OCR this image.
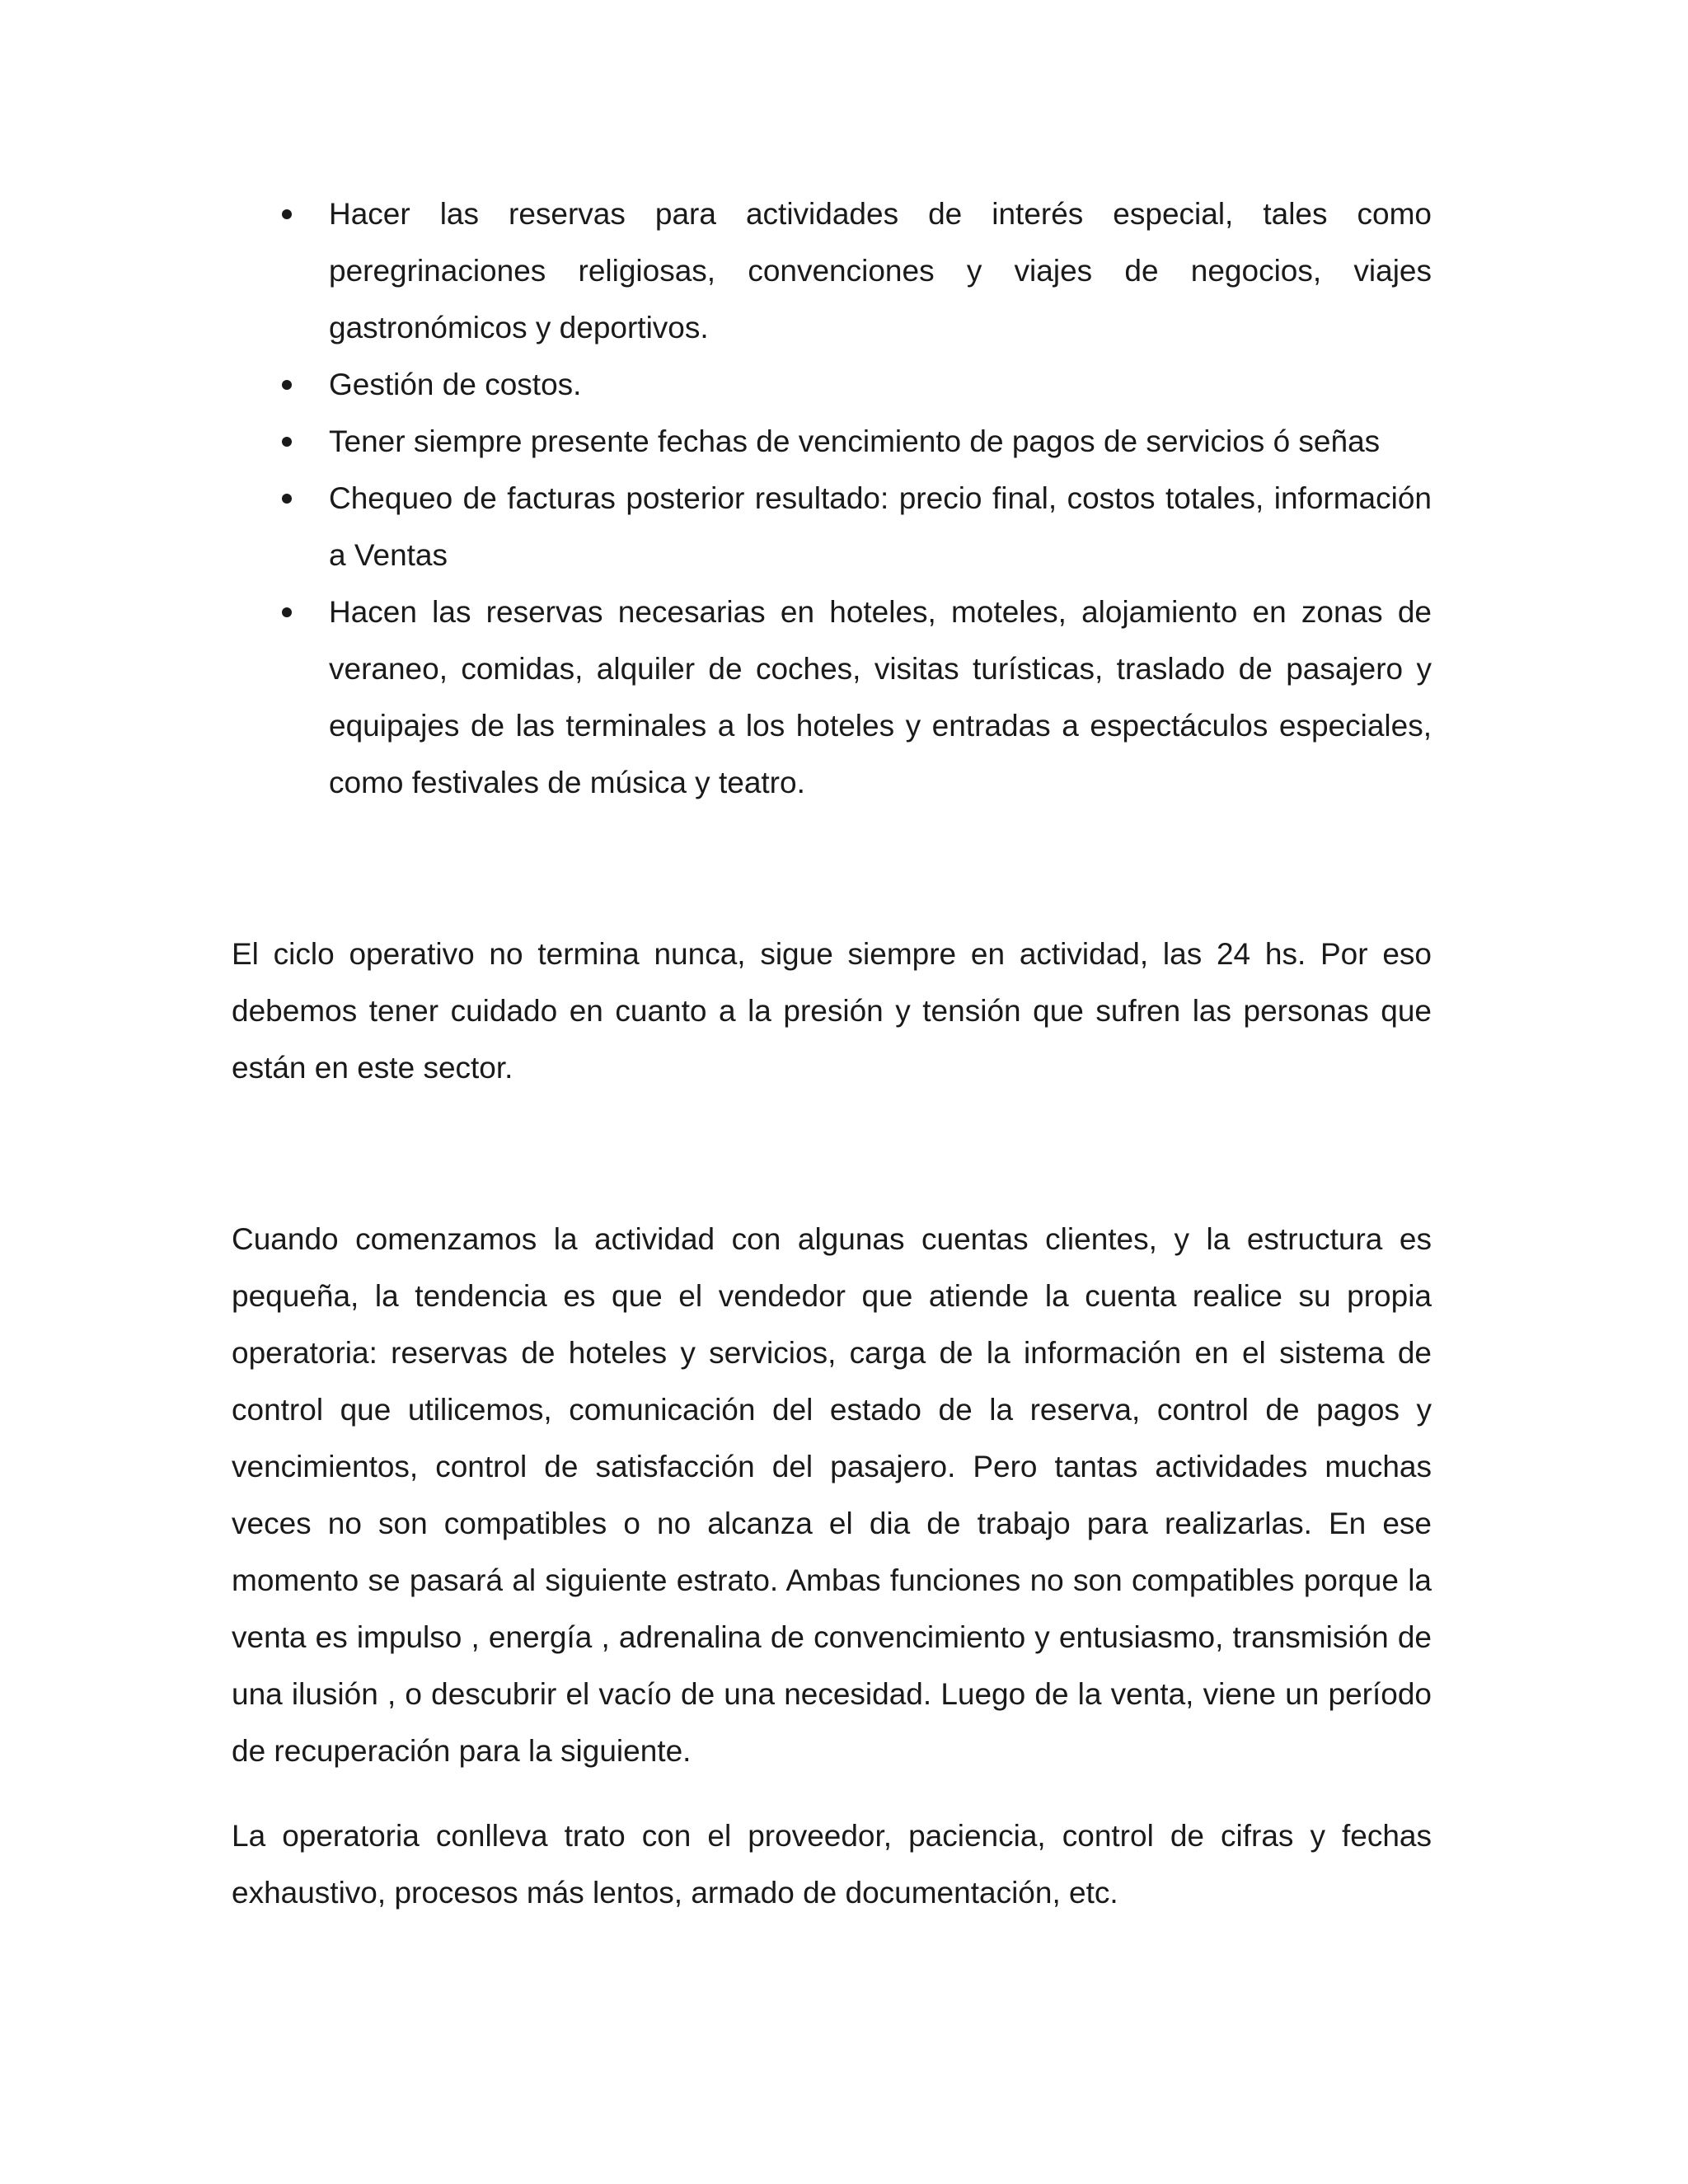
Hacer las reservas para actividades de interés especial, tales como peregrinaciones religiosas, convenciones y viajes de negocios, viajes gastronómicos y deportivos.
Gestión de costos.
Tener siempre presente fechas de vencimiento de pagos de servicios ó señas
Chequeo de facturas posterior resultado: precio final, costos totales, información a Ventas
Hacen las reservas necesarias en hoteles, moteles, alojamiento en zonas de veraneo, comidas, alquiler de coches, visitas turísticas, traslado de pasajero y equipajes de las terminales a los hoteles y entradas a espectáculos especiales, como festivales de música y teatro.

El ciclo operativo no termina nunca, sigue siempre en actividad, las 24 hs. Por eso debemos tener cuidado en cuanto a la presión y tensión que sufren las personas que están en este sector.

Cuando comenzamos la actividad con algunas cuentas clientes, y la estructura es pequeña, la tendencia es que el vendedor que atiende la cuenta realice su propia operatoria: reservas de hoteles y servicios, carga de la información en el sistema de control que utilicemos, comunicación del estado de la reserva, control de pagos y vencimientos, control de satisfacción del pasajero. Pero tantas actividades muchas veces no son compatibles o no alcanza el dia de trabajo para realizarlas. En ese momento se pasará al siguiente estrato. Ambas funciones no son compatibles porque la venta es impulso , energía , adrenalina de convencimiento y entusiasmo, transmisión de una ilusión , o descubrir el vacío de una necesidad. Luego de la venta, viene un período de recuperación para la siguiente.

La operatoria conlleva trato con el proveedor, paciencia, control de cifras y fechas exhaustivo, procesos más lentos, armado de documentación, etc.
